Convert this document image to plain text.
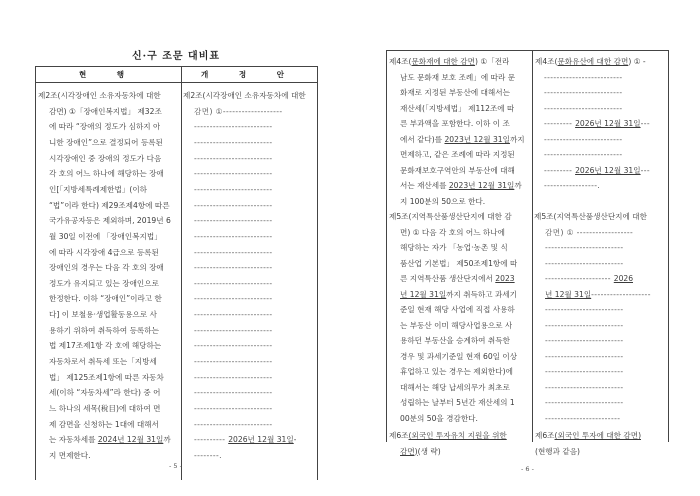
신·구 조문 대비표
현 행	개 정 안
제2조(시각장애인 소유자동차에 대한
감면) ①「장애인복지법」 제32조
에 따라 “장애의 정도가 심하지 아
니한 장애인”으로 결정되어 등록된
시각장애인 중 장애의 정도가 다음
각 호의 어느 하나에 해당하는 장애
인[「지방세특례제한법」(이하
“법”이라 한다) 제29조제4항에 따른
국가유공자등은 제외하며, 2019년 6
월 30일 이전에 「장애인복지법」
에 따라 시각장애 4급으로 등록된
장애인의 경우는 다음 각 호의 장애
정도가 유지되고 있는 장애인으로
한정한다. 이하 “장애인”이라고 한
다] 이 보철용·생업활동용으로 사
용하기 위하여 취득하여 등록하는
법 제17조제1항 각 호에 해당하는
자동차로서 취득세 또는「지방세
법」 제125조제1항에 따른 자동차
세(이하 “자동차세”라 한다) 중 어
느 하나의 세목(稅目)에 대하여 면
제 감면을 신청하는 1대에 대해서
는 자동차세를 2024년 12월 31일까
지 면제한다.
제2조(시각장애인 소유자동차에 대한
감면) ①-------------------
-------------------------
-------------------------
-------------------------
-------------------------
-------------------------
-------------------------
-------------------------
-------------------------
-------------------------
-------------------------
-------------------------
-------------------------
-------------------------
-------------------------
-------------------------
-------------------------
-------------------------
-------------------------
-------------------------
-------------------------
---------- 2026년 12월 31일-
--------.
- 5 -
제4조(문화재에 대한 감면) ①「전라
남도 문화재 보호 조례」에 따라 문
화재로 지정된 부동산에 대해서는
재산세(「지방세법」 제112조에 따
른 부과액을 포함한다. 이하 이 조
에서 같다)를 2023년 12월 31일까지
면제하고, 같은 조례에 따라 지정된
문화재보호구역안의 부동산에 대해
서는 재산세를 2023년 12월 31일까
지 100분의 50으로 한다.
제5조(지역특산품생산단지에 대한 감
면) ① 다음 각 호의 어느 하나에
해당하는 자가 「농업·농촌 및 식
품산업 기본법」 제50조제1항에 따
른 지역특산품 생산단지에서 2023
년 12월 31일까지 취득하고 과세기
준일 현재 해당 사업에 직접 사용하
는 부동산 이미 해당사업용으로 사
용하던 부동산을 승계하여 취득한
경우 및 과세기준일 현재 60일 이상
휴업하고 있는 경우는 제외한다)에
대해서는 해당 납세의무가 최초로
성립하는 날부터 5년간 재산세의 1
00분의 50을 경감한다.
제6조(외국인 투자유치 지원을 위한
감면)(생 략)
제4조(문화유산에 대한 감면) ① -
-------------------------
-------------------------
-------------------------
--------- 2026년 12월 31일---
-------------------------
-------------------------
--------- 2026년 12월 31일---
-----------------.
제5조(지역특산품생산단지에 대한
감면) ① ------------------
-------------------------
-------------------------
--------------------- 2026
년 12월 31일-------------------
-------------------------
-------------------------
-------------------------
-------------------------
-------------------------
-------------------------
-------------------------
------------------------
제6조(외국인 투자에 대한 감면)
(현행과 같음)
- 6 -
